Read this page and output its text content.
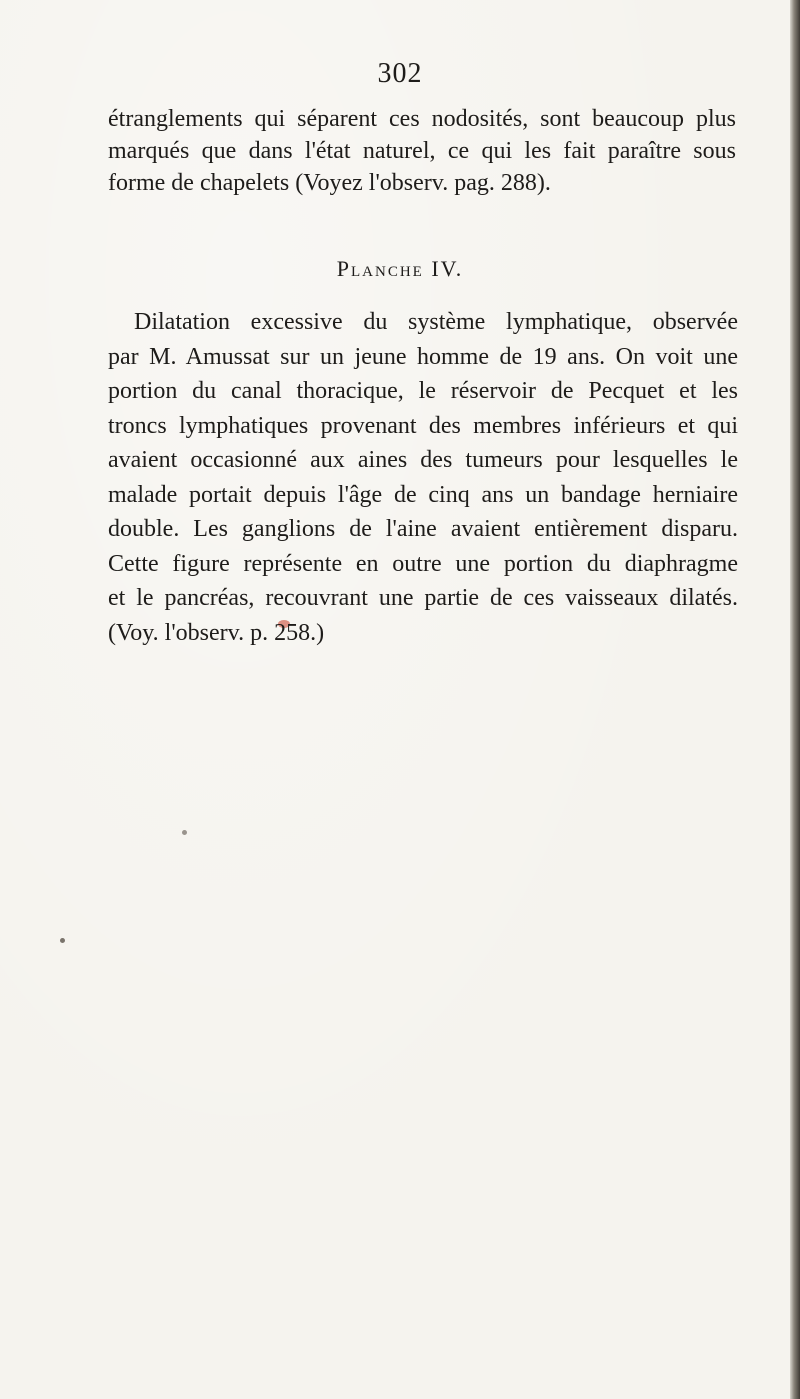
302

étranglements qui séparent ces nodosités, sont beaucoup plus
marqués que dans l'état naturel, ce qui les fait paraître sous
forme de chapelets (Voyez l'observ. pag. 288).

Planche IV.

Dilatation excessive du système lymphatique, observée
par M. Amussat sur un jeune homme de 19 ans. On voit une
portion du canal thoracique, le réservoir de Pecquet et les
troncs lymphatiques provenant des membres inférieurs et qui
avaient occasionné aux aines des tumeurs pour lesquelles le
malade portait depuis l'âge de cinq ans un bandage herniaire
double. Les ganglions de l'aine avaient entièrement disparu.
Cette figure représente en outre une portion du diaphragme
et le pancréas, recouvrant une partie de ces vaisseaux dilatés.
(Voy. l'observ. p. 258.)
